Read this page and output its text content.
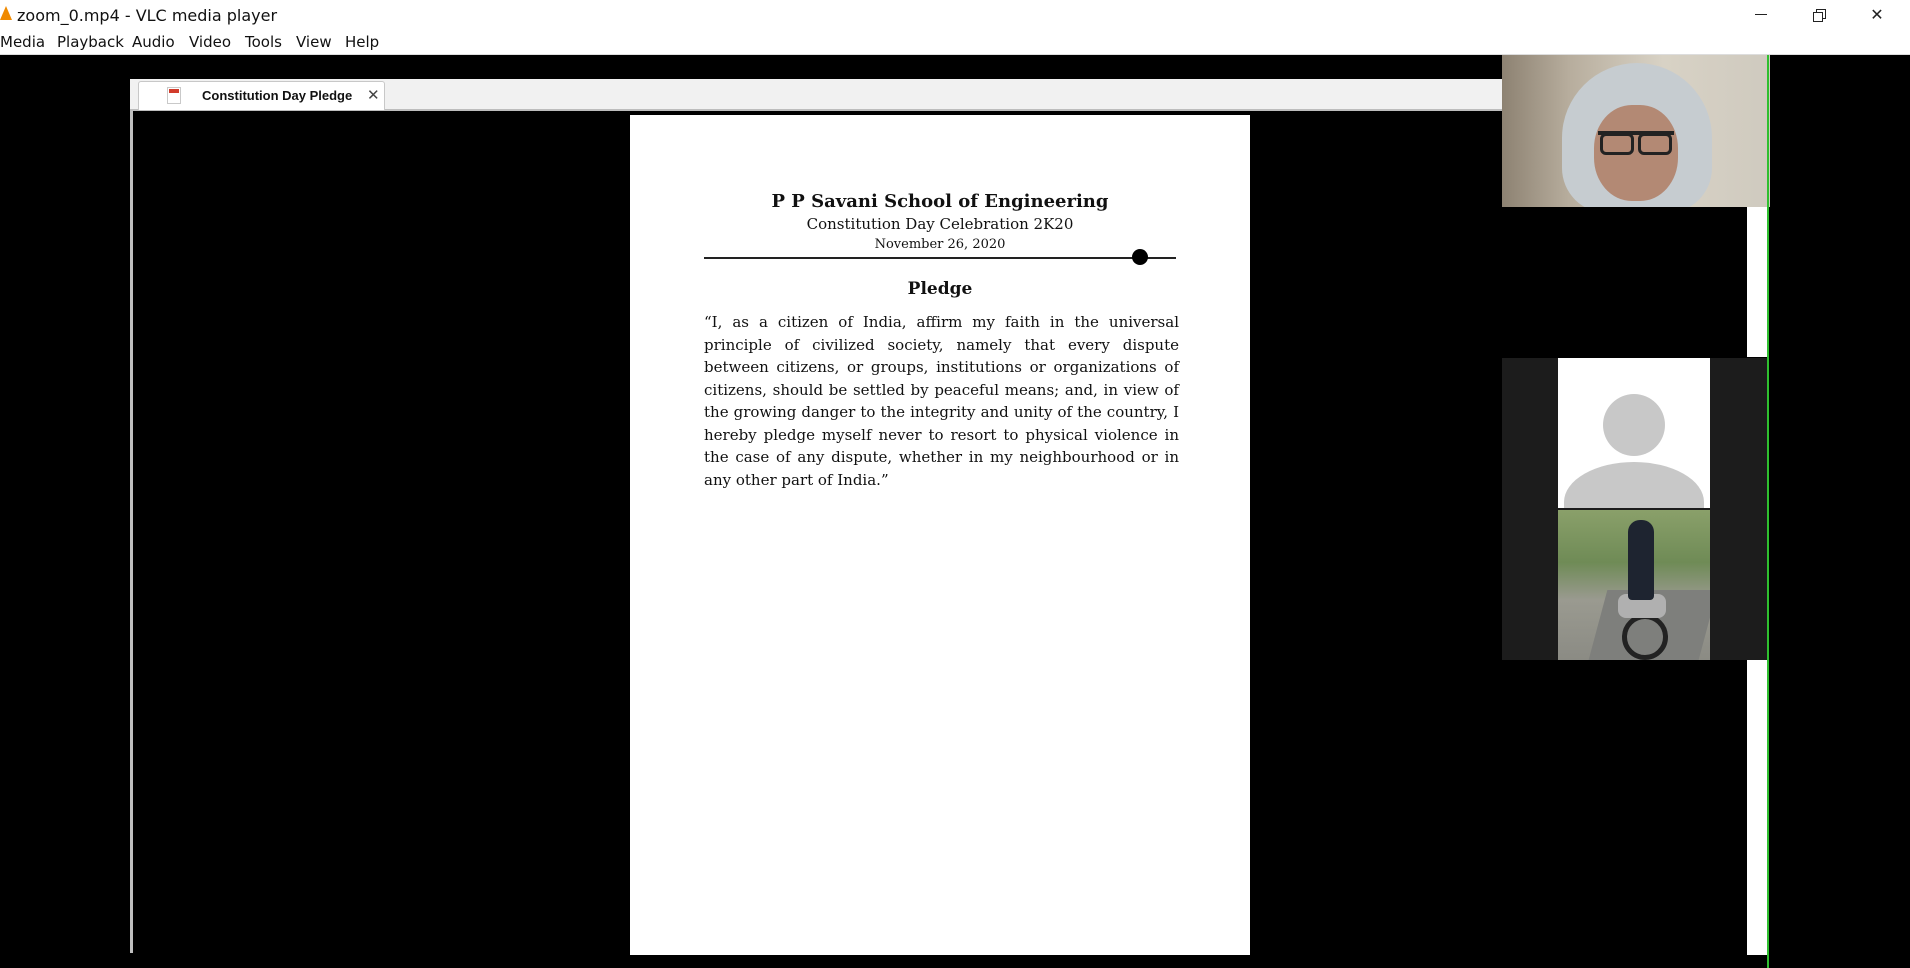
zoom_0.mp4 - VLC media player	✕
Media Playback Audio Video Tools View Help
Constitution Day Pledge ✕
P P Savani School of Engineering
Constitution Day Celebration 2K20
November 26, 2020
Pledge
“I, as a citizen of India, affirm my faith in the universal principle of civilized society, namely that every dispute between citizens, or groups, institutions or organizations of citizens, should be settled by peaceful means; and, in view of the growing danger to the integrity and unity of the country, I hereby pledge myself never to resort to physical violence in the case of any dispute, whether in my neighbourhood or in any other part of India.”
